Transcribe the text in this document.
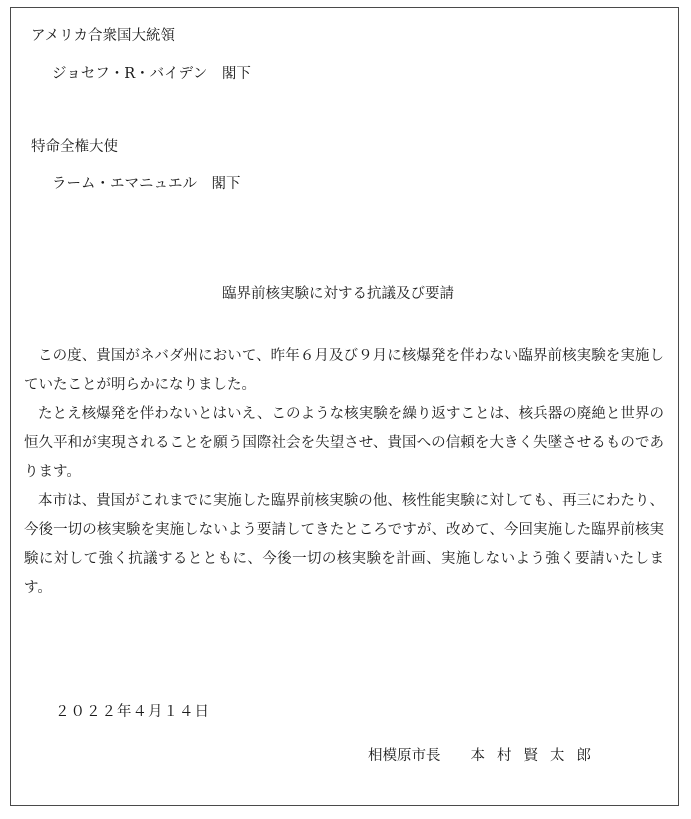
アメリカ合衆国大統領
ジョセフ・R・バイデン　閣下
特命全権大使
ラーム・エマニュエル　閣下
臨界前核実験に対する抗議及び要請

この度、貴国がネバダ州において、昨年６月及び９月に核爆発を伴わない臨界前核実験を実施していたことが明らかになりました。

たとえ核爆発を伴わないとはいえ、このような核実験を繰り返すことは、核兵器の廃絶と世界の恒久平和が実現されることを願う国際社会を失望させ、貴国への信頼を大きく失墜させるものであります。

本市は、貴国がこれまでに実施した臨界前核実験の他、核性能実験に対しても、再三にわたり、今後一切の核実験を実施しないよう要請してきたところですが、改めて、今回実施した臨界前核実験に対して強く抗議するとともに、今後一切の核実験を計画、実施しないよう強く要請いたします。

２０２２年４月１４日
相模原市長 本村賢太郎
